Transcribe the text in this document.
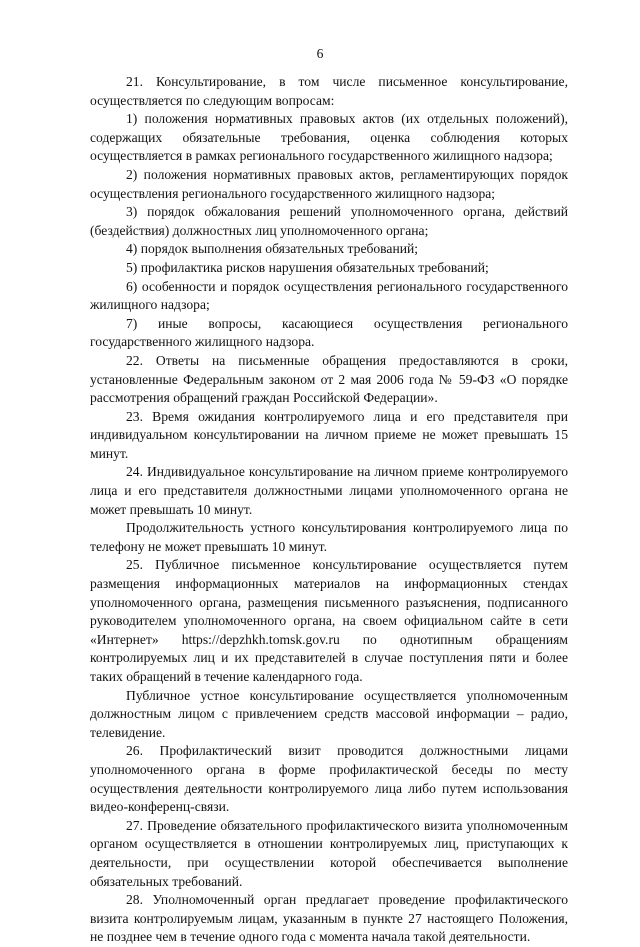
6

21. Консультирование, в том числе письменное консультирование, осуществляется по следующим вопросам:

1) положения нормативных правовых актов (их отдельных положений), содержащих обязательные требования, оценка соблюдения которых осуществляется в рамках регионального государственного жилищного надзора;

2) положения нормативных правовых актов, регламентирующих порядок осуществления регионального государственного жилищного надзора;

3) порядок обжалования решений уполномоченного органа, действий (бездействия) должностных лиц уполномоченного органа;

4) порядок выполнения обязательных требований;

5) профилактика рисков нарушения обязательных требований;

6) особенности и порядок осуществления регионального государственного жилищного надзора;

7) иные вопросы, касающиеся осуществления регионального государственного жилищного надзора.

22. Ответы на письменные обращения предоставляются в сроки, установленные Федеральным законом от 2 мая 2006 года № 59-ФЗ «О порядке рассмотрения обращений граждан Российской Федерации».

23. Время ожидания контролируемого лица и его представителя при индивидуальном консультировании на личном приеме не может превышать 15 минут.

24. Индивидуальное консультирование на личном приеме контролируемого лица и его представителя должностными лицами уполномоченного органа не может превышать 10 минут.

Продолжительность устного консультирования контролируемого лица по телефону не может превышать 10 минут.

25. Публичное письменное консультирование осуществляется путем размещения информационных материалов на информационных стендах уполномоченного органа, размещения письменного разъяснения, подписанного руководителем уполномоченного органа, на своем официальном сайте в сети «Интернет» https://depzhkh.tomsk.gov.ru по однотипным обращениям контролируемых лиц и их представителей в случае поступления пяти и более таких обращений в течение календарного года.

Публичное устное консультирование осуществляется уполномоченным должностным лицом с привлечением средств массовой информации – радио, телевидение.

26. Профилактический визит проводится должностными лицами уполномоченного органа в форме профилактической беседы по месту осуществления деятельности контролируемого лица либо путем использования видео-конференц-связи.

27. Проведение обязательного профилактического визита уполномоченным органом осуществляется в отношении контролируемых лиц, приступающих к деятельности, при осуществлении которой обеспечивается выполнение обязательных требований.

28. Уполномоченный орган предлагает проведение профилактического визита контролируемым лицам, указанным в пункте 27 настоящего Положения, не позднее чем в течение одного года с момента начала такой деятельности.
